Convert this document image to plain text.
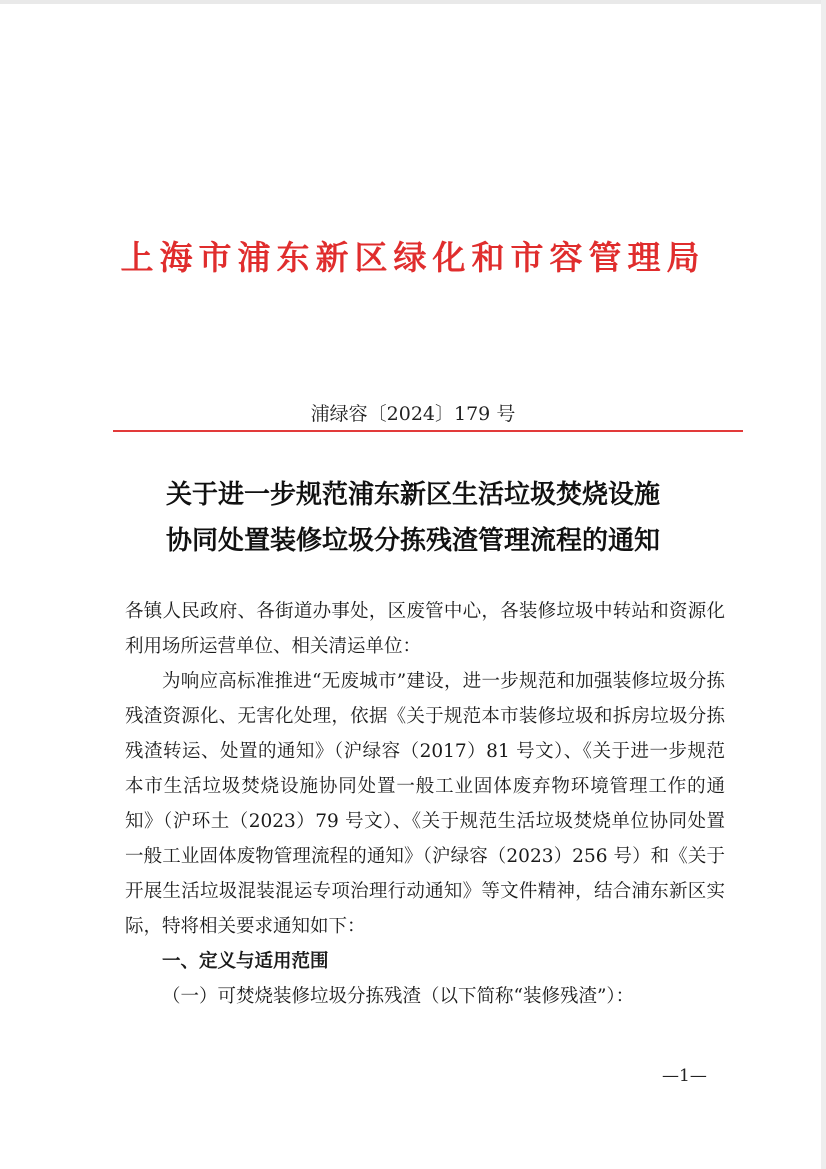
上海市浦东新区绿化和市容管理局
浦绿容〔2024〕179 号
关于进一步规范浦东新区生活垃圾焚烧设施
协同处置装修垃圾分拣残渣管理流程的通知

各镇人民政府、各街道办事处，区废管中心，各装修垃圾中转站和资源化利用场所运营单位、相关清运单位：

为响应高标准推进“无废城市”建设，进一步规范和加强装修垃圾分拣残渣资源化、无害化处理，依据《关于规范本市装修垃圾和拆房垃圾分拣残渣转运、处置的通知》（沪绿容（2017）81 号文）、《关于进一步规范本市生活垃圾焚烧设施协同处置一般工业固体废弃物环境管理工作的通知》（沪环土（2023）79 号文）、《关于规范生活垃圾焚烧单位协同处置一般工业固体废物管理流程的通知》（沪绿容（2023）256 号）和《关于开展生活垃圾混装混运专项治理行动通知》等文件精神，结合浦东新区实际，特将相关要求通知如下：

一、定义与适用范围

（一）可焚烧装修垃圾分拣残渣（以下简称“装修残渣”）：

—1—
